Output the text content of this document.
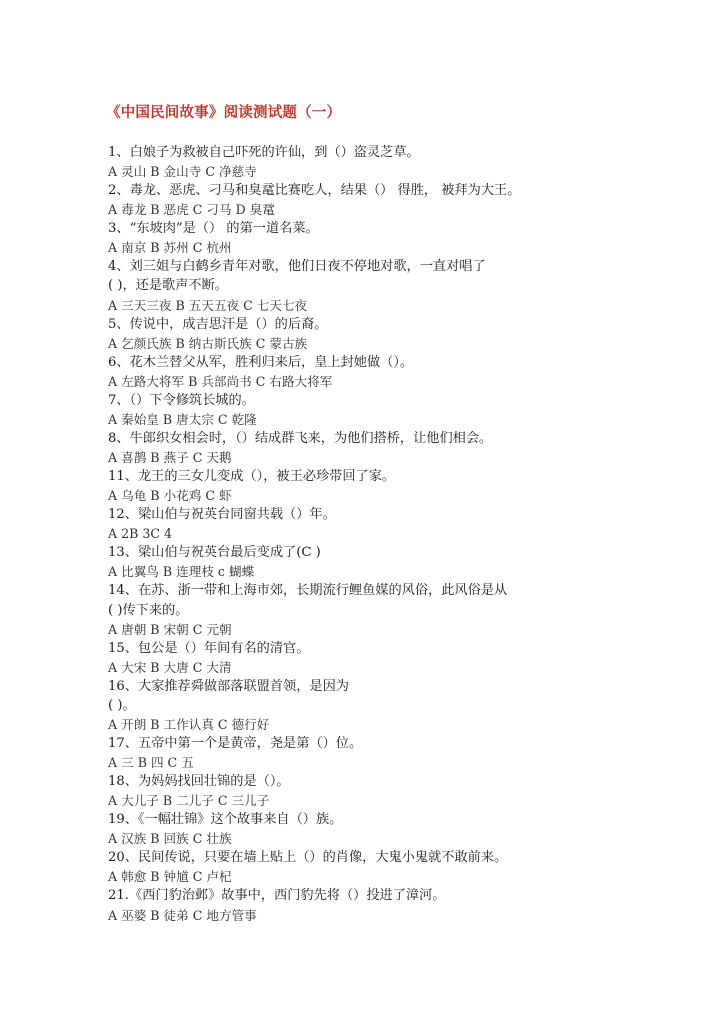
《中国民间故事》阅读测试题（一）
1、白娘子为救被自己吓死的许仙，到（）盗灵芝草。
A 灵山 B 金山寺 C 净慈寺
2、毒龙、恶虎、刁马和臭鼋比赛吃人，结果（） 得胜， 被拜为大王。
A 毒龙 B 恶虎 C 刁马 D 臭鼋
3、“东坡肉”是（） 的第一道名菜。
A 南京 B 苏州 C 杭州
4、刘三姐与白鹤乡青年对歌，他们日夜不停地对歌，一直对唱了
( )，还是歌声不断。
A 三天三夜 B 五天五夜 C 七天七夜
5、传说中，成吉思汗是（）的后裔。
A 乞颜氏族 B 纳古斯氏族 C 蒙古族
6、花木兰替父从军，胜利归来后，皇上封她做（）。
A 左路大将军 B 兵部尚书 C 右路大将军
7、（）下令修筑长城的。
A 秦始皇 B 唐太宗 C 乾隆
8、牛郎织女相会时，（）结成群飞来，为他们搭桥，让他们相会。
A 喜鹊 B 燕子 C 天鹅
11、龙王的三女儿变成（），被王必珍带回了家。
A 乌龟 B 小花鸡 C 虾
12、梁山伯与祝英台同窗共载（）年。
A 2B 3C 4
13、梁山伯与祝英台最后变成了(C )
A 比翼鸟 B 连理枝 c 蝴蝶
14、在苏、浙一带和上海市郊，长期流行鲤鱼媒的风俗，此风俗是从
( )传下来的。
A 唐朝 B 宋朝 C 元朝
15、包公是（）年间有名的清官。
A 大宋 B 大唐 C 大清
16、大家推荐舜做部落联盟首领，是因为
( )。
A 开朗 B 工作认真 C 德行好
17、五帝中第一个是黄帝，尧是第（）位。
A 三 B 四 C 五
18、为妈妈找回壮锦的是（）。
A 大儿子 B 二儿子 C 三儿子
19、《一幅壮锦》这个故事来自（）族。
A 汉族 B 回族 C 壮族
20、民间传说，只要在墙上贴上（）的肖像，大鬼小鬼就不敢前来。
A 韩愈 B 钟馗 C 卢杞
21.《西门豹治邺》故事中，西门豹先将（）投进了漳河。
A 巫婆 B 徒弟 C 地方管事
